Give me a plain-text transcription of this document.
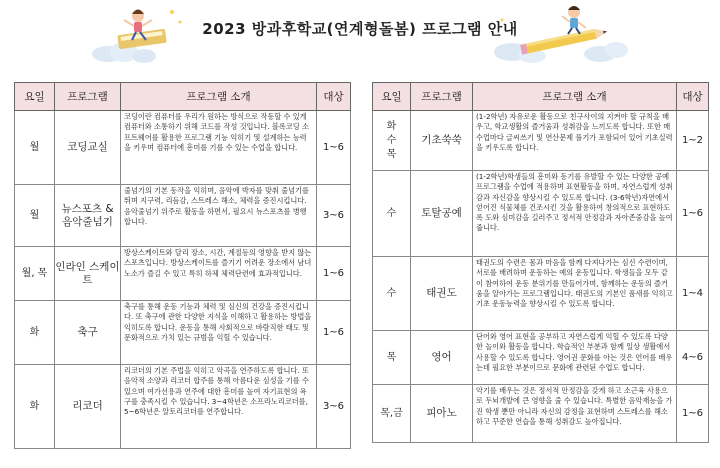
2023 방과후학교(연계형돌봄) 프로그램 안내
요일	프로그램	프로그램 소개	대상
월	코딩교실	코딩이란 컴퓨터를 우리가 원하는 방식으로 작동할 수 있게 컴퓨터와 소통하기 위해 코드를 작성 것입니다. 블록코딩 소프트웨어를 활용한 프로그램 기능 익히기 및 설계하는 능력을 키우며 컴퓨터에 흥미를 기를 수 있는 수업을 합니다.	1~6
월	뉴스포츠 & 음악줄넘기	줄넘기의 기본 동작을 익히며, 음악에 박자를 맞춰 줄넘기를 뛰며 지구력, 리듬감, 스트레스 해소, 체력을 증진시킵니다. 음악줄넘기 위주로 활동을 하면서, 필요시 뉴스포츠를 병행합니다.	3~6
월, 목	인라인 스케이트	방상스케이트와 달리 장소, 시간, 계절등의 영향을 받지 않는 스포츠입니다. 방상스케이트를 즐기기 어려운 장소에서 남녀노소가 즐길 수 있고 특히 하체 체력단련에 효과적입니다.	1~6
화	축구	축구를 통해 운동 기능과 체력 및 심신의 건강을 증진시킵니다. 또 축구에 관한 다양한 지식을 이해하고 활용하는 방법을 익히도록 합니다. 운동을 통해 사회적으로 바람직한 태도 및 문화적으로 가치 있는 규범을 익힐 수 있습니다.	1~6
화	리코더	리코더의 기본 주법을 익히고 악곡을 연주하도록 합니다. 또 음악적 소양과 리코더 합주를 통해 아름다운 심성을 기를 수 있으며 여가선용과 연주에 대한 흥미를 높여 자기표현의 욕구를 충족시킬 수 있습니다. 3~4학년은 소프라노리코더를, 5~6학년은 알토리코더를 연주합니다.	3~6
요일	프로그램	프로그램 소개	대상
화수목	기초쑥쑥	(1-2학년) 자유로운 활동으로 친구사이의 지켜야 할 규칙을 배우고, 학교생활의 즐거움과 성취감을 느끼도록 합니다. 또한 매 수업마다 글씨쓰기 및 연산문제 풀기가 포함되어 있어 기초실력을 키우도록 합니다.	1~2
수	토탈공예	(1-2학년)학생들의 흥미와 동기를 유발할 수 있는 다양한 공예 프로그램을 수업에 적용하며 표현활동을 하며, 자연스럽게 성취감과 자신감을 향상시킬 수 있도록 합니다. (3-6학년)자연에서 얻어진 식물체를 건조시킨 것을 활용하여 창의적으로 표현하도록 도와 심미감을 길러주고 정서적 안정감과 자아존중감을 높여줍니다.	1~6
수	태권도	태권도의 수련은 몸과 마음을 함께 다져나가는 심신 수련이며, 서로를 배려하며 운동하는 예의 운동입니다. 학생들을 모두 같이 참여하여 운동 분위기를 만들어가며, 함께하는 운동의 즐거움을 알아가는 프로그램입니다. 태권도의 기본인 품새를 익히고 기초 운동능력을 향상시킬 수 있도록 합니다.	1~4
목	영어	단어와 영어 표현을 공부하고 자연스럽게 익힐 수 있도록 다양한 놀이와 활동을 합니다. 학습적인 부분과 함께 일상 생활에서 사용할 수 있도록 합니다. 영어권 문화를 아는 것은 언어를 배우는데 필요한 부분이므로 문화에 관련된 수업도 합니다.	4~6
목,금	피아노	악기를 배우는 것은 정서적 안정감을 갖게 하고 소근육 사용으로 두뇌개발에 큰 영향을 줄 수 있습니다. 특별한 음악재능을 가진 학생 뿐만 아니라 자신의 감정을 표현하며 스트레스를 해소하고 꾸준한 연습을 통해 성취감도 높아집니다.	1~6
